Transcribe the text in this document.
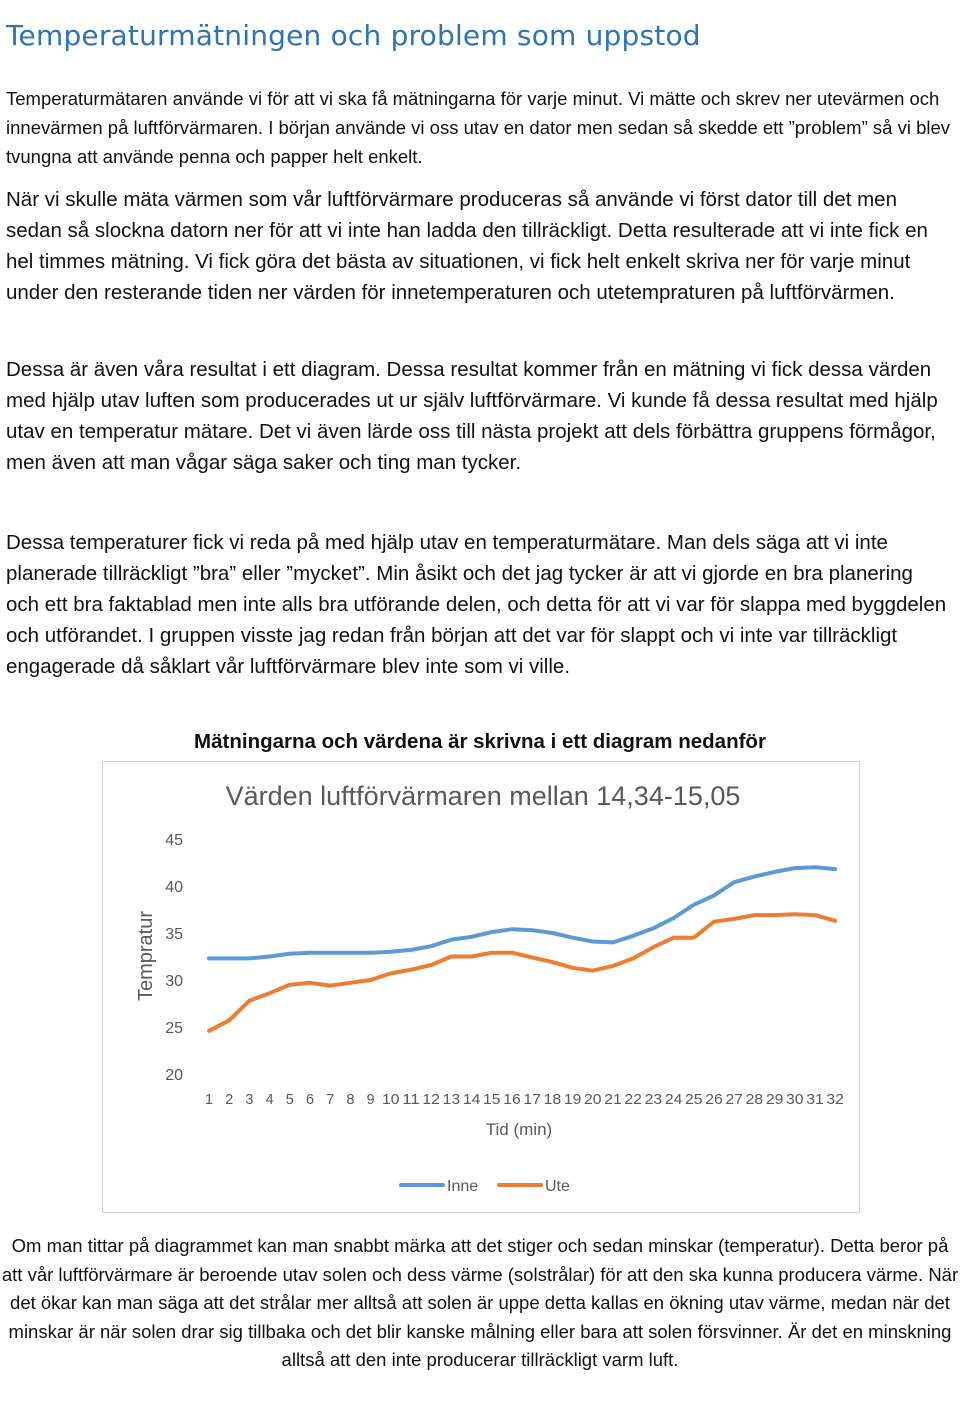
Temperaturmätningen och problem som uppstod

Temperaturmätaren använde vi för att vi ska få mätningarna för varje minut. Vi mätte och skrev ner utevärmen och innevärmen på luftförvärmaren. I början använde vi oss utav en dator men sedan så skedde ett ”problem” så vi blev tvungna att använde penna och papper helt enkelt.

När vi skulle mäta värmen som vår luftförvärmare produceras så använde vi först dator till det men sedan så slockna datorn ner för att vi inte han ladda den tillräckligt. Detta resulterade att vi inte fick en hel timmes mätning. Vi fick göra det bästa av situationen, vi fick helt enkelt skriva ner för varje minut under den resterande tiden ner värden för innetemperaturen och utetempraturen på luftförvärmen.

Dessa är även våra resultat i ett diagram. Dessa resultat kommer från en mätning vi fick dessa värden med hjälp utav luften som producerades ut ur själv luftförvärmare. Vi kunde få dessa resultat med hjälp utav en temperatur mätare. Det vi även lärde oss till nästa projekt att dels förbättra gruppens förmågor, men även att man vågar säga saker och ting man tycker.

Dessa temperaturer fick vi reda på med hjälp utav en temperaturmätare. Man dels säga att vi inte planerade tillräckligt ”bra” eller ”mycket”. Min åsikt och det jag tycker är att vi gjorde en bra planering och ett bra faktablad men inte alls bra utförande delen, och detta för att vi var för slappa med byggdelen och utförandet. I gruppen visste jag redan från början att det var för slappt och vi inte var tillräckligt engagerade då såklart vår luftförvärmare blev inte som vi ville.

Mätningarna och värdena är skrivna i ett diagram nedanför
Värden luftförvärmaren mellan 14,34-15,05
20
25
30
35
40
45
Tempratur
1 2 3 4 5 6 7 8 9 10 11 12 13 14 15 16 17 18 19 20 21 22 23 24 25 26 27 28 29 30 31 32
Tid (min)
Inne	Ute

Om man tittar på diagrammet kan man snabbt märka att det stiger och sedan minskar (temperatur). Detta beror på att vår luftförvärmare är beroende utav solen och dess värme (solstrålar) för att den ska kunna producera värme. När det ökar kan man säga att det strålar mer alltså att solen är uppe detta kallas en ökning utav värme, medan när det minskar är när solen drar sig tillbaka och det blir kanske målning eller bara att solen försvinner. Är det en minskning alltså att den inte producerar tillräckligt varm luft.
